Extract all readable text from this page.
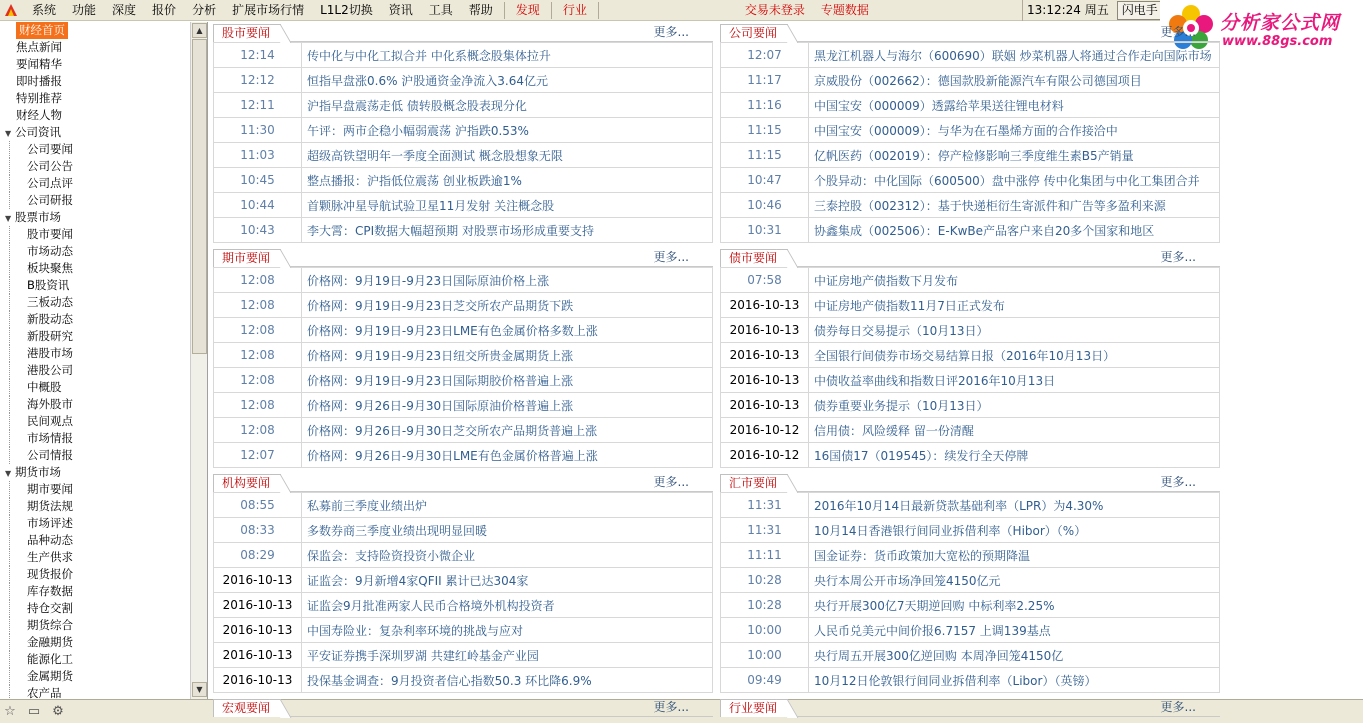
系统	功能	深度	报价	分析	扩展市场行情	L1L2切换	资讯	工具	帮助	发现	行业	交易未登录	专题数据	13:12:24 周五	闪电手
分析家公式网
www.88gs.com
财经首页
焦点新闻
要闻精华
即时播报
特别推荐
财经人物
▼ 公司资讯
公司要闻
公司公告
公司点评
公司研报
▼ 股票市场
股市要闻
市场动态
板块聚焦
B股资讯
三板动态
新股动态
新股研究
港股市场
港股公司
中概股
海外股市
民间观点
市场情报
公司情报
▼ 期货市场
期市要闻
期货法规
市场评述
品种动态
生产供求
现货报价
库存数据
持仓交割
期货综合
金融期货
能源化工
金属期货
农产品
▲
▼
股市要闻	更多...
12:14	传中化与中化工拟合并 中化系概念股集体拉升
12:12	恒指早盘涨0.6% 沪股通资金净流入3.64亿元
12:11	沪指早盘震荡走低 债转股概念股表现分化
11:30	午评：两市企稳小幅弱震荡 沪指跌0.53%
11:03	超级高铁望明年一季度全面测试 概念股想象无限
10:45	整点播报：沪指低位震荡 创业板跌逾1%
10:44	首颗脉冲星导航试验卫星11月发射 关注概念股
10:43	李大霄：CPI数据大幅超预期 对股票市场形成重要支持
公司要闻	更多...
12:07	黑龙江机器人与海尔（600690）联姻 炒菜机器人将通过合作走向国际市场
11:17	京威股份（002662）：德国款股新能源汽车有限公司德国项目
11:16	中国宝安（000009）透露给苹果送往锂电材料
11:15	中国宝安（000009）：与华为在石墨烯方面的合作接洽中
11:15	亿帆医药（002019）：停产检修影响三季度维生素B5产销量
10:47	个股异动：中化国际（600500）盘中涨停 传中化集团与中化工集团合并
10:46	三泰控股（002312）：基于快递柜衍生寄派件和广告等多盈利来源
10:31	协鑫集成（002506）：E-KwBe产品客户来自20多个国家和地区
期市要闻	更多...
12:08	价格网：9月19日-9月23日国际原油价格上涨
12:08	价格网：9月19日-9月23日芝交所农产品期货下跌
12:08	价格网：9月19日-9月23日LME有色金属价格多数上涨
12:08	价格网：9月19日-9月23日纽交所贵金属期货上涨
12:08	价格网：9月19日-9月23日国际期胶价格普遍上涨
12:08	价格网：9月26日-9月30日国际原油价格普遍上涨
12:08	价格网：9月26日-9月30日芝交所农产品期货普遍上涨
12:07	价格网：9月26日-9月30日LME有色金属价格普遍上涨
债市要闻	更多...
07:58	中证房地产债指数下月发布
2016-10-13	中证房地产债指数11月7日正式发布
2016-10-13	债券每日交易提示（10月13日）
2016-10-13	全国银行间债券市场交易结算日报（2016年10月13日）
2016-10-13	中债收益率曲线和指数日评2016年10月13日
2016-10-13	债券重要业务提示（10月13日）
2016-10-12	信用债：风险缓释 留一份清醒
2016-10-12	16国债17（019545）：续发行全天停牌
机构要闻	更多...
08:55	私募前三季度业绩出炉
08:33	多数券商三季度业绩出现明显回暖
08:29	保监会：支持险资投资小微企业
2016-10-13	证监会：9月新增4家QFII 累计已达304家
2016-10-13	证监会9月批准两家人民币合格境外机构投资者
2016-10-13	中国寿险业：复杂利率环境的挑战与应对
2016-10-13	平安证券携手深圳罗湖 共建红岭基金产业园
2016-10-13	投保基金调查：9月投资者信心指数50.3 环比降6.9%
汇市要闻	更多...
11:31	2016年10月14日最新贷款基础利率（LPR）为4.30%
11:31	10月14日香港银行间同业拆借利率（Hibor）（%）
11:11	国金证券：货币政策加大宽松的预期降温
10:28	央行本周公开市场净回笼4150亿元
10:28	央行开展300亿7天期逆回购 中标利率2.25%
10:00	人民币兑美元中间价报6.7157 上调139基点
10:00	央行周五开展300亿逆回购 本周净回笼4150亿
09:49	10月12日伦敦银行间同业拆借利率（Libor）（英镑）
宏观要闻	更多...	行业要闻	更多...
☆ ▭ ⚙
